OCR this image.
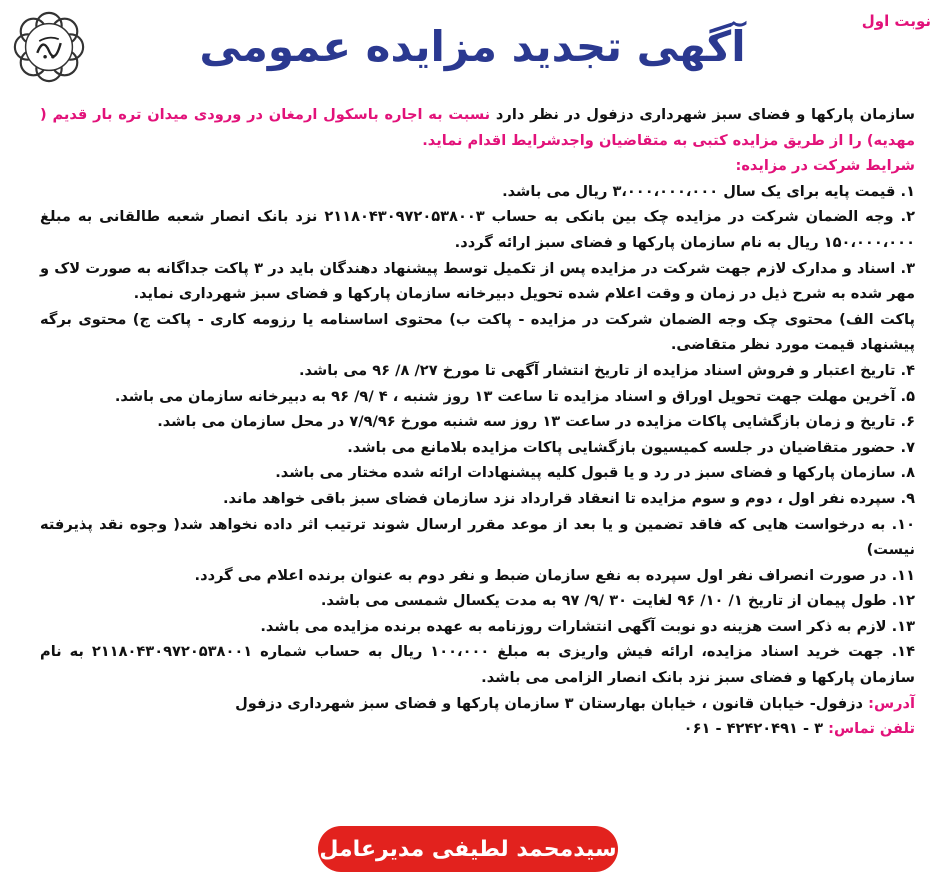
نوبت اول
آگهی تجدید مزایده عمومی

سازمان پارکها و فضای سبز شهرداری دزفول در نظر دارد نسبت به اجاره باسکول ارمغان در ورودی میدان تره بار قدیم ( مهدیه) را از طریق مزایده کتبی به متقاضیان واجدشرایط اقدام نماید.

شرایط شرکت در مزایده:

۱. قیمت پایه برای یک سال ۳،۰۰۰،۰۰۰،۰۰۰ ریال می باشد.

۲. وجه الضمان شرکت در مزایده چک بین بانکی به حساب ۲۱۱۸۰۴۳۰۹۷۲۰۵۳۸۰۰۳ نزد بانک انصار شعبه طالقانی به مبلغ ۱۵۰،۰۰۰،۰۰۰ ریال به نام سازمان پارکها و فضای سبز ارائه گردد.

۳. اسناد و مدارک لازم جهت شرکت در مزایده پس از تکمیل توسط پیشنهاد دهندگان باید در ۳ پاکت جداگانه به صورت لاک و مهر شده به شرح ذیل در زمان و وقت اعلام شده تحویل دبیرخانه سازمان پارکها و فضای سبز شهرداری نماید.

پاکت الف) محتوی چک وجه الضمان شرکت در مزایده - پاکت ب) محتوی اساسنامه یا رزومه کاری - پاکت ج) محتوی برگه پیشنهاد قیمت مورد نظر متقاضی.

۴. تاریخ اعتبار و فروش اسناد مزایده از تاریخ انتشار آگهی تا مورخ ۲۷/ ۸/ ۹۶ می باشد.

۵. آخرین مهلت جهت تحویل اوراق و اسناد مزایده تا ساعت ۱۳ روز شنبه ، ۴ /۹/ ۹۶ به دبیرخانه سازمان می باشد.

۶. تاریخ و زمان بازگشایی پاکات مزایده در ساعت ۱۳ روز سه شنبه مورخ ۷/۹/۹۶ در محل سازمان می باشد.

۷. حضور متقاضیان در جلسه کمیسیون بازگشایی پاکات مزایده بلامانع می باشد.

۸. سازمان پارکها و فضای سبز در رد و یا قبول کلیه پیشنهادات ارائه شده مختار می باشد.

۹. سپرده نفر اول ، دوم و سوم مزایده تا انعقاد قرارداد نزد سازمان فضای سبز باقی خواهد ماند.

۱۰. به درخواست هایی که فاقد تضمین و یا بعد از موعد مقرر ارسال شوند ترتیب اثر داده نخواهد شد( وجوه نقد پذیرفته نیست)

۱۱. در صورت انصراف نفر اول سپرده به نفع سازمان ضبط و نفر دوم به عنوان برنده اعلام می گردد.

۱۲. طول پیمان از تاریخ ۱/ ۱۰/ ۹۶ لغایت ۳۰ /۹/ ۹۷ به مدت یکسال شمسی می باشد.

۱۳. لازم به ذکر است هزینه دو نوبت آگهی انتشارات روزنامه به عهده برنده مزایده می باشد.

۱۴. جهت خرید اسناد مزایده، ارائه فیش واریزی به مبلغ ۱۰۰،۰۰۰ ریال به حساب شماره ۲۱۱۸۰۴۳۰۹۷۲۰۵۳۸۰۰۱ به نام سازمان پارکها و فضای سبز نزد بانک انصار الزامی می باشد.

آدرس: دزفول- خیابان قانون ، خیابان بهارستان ۳ سازمان پارکها و فضای سبز شهرداری دزفول

تلفن تماس: ۳ - ۴۲۴۲۰۴۹۱ - ۰۶۱

سیدمحمد لطیفی مدیرعامل
